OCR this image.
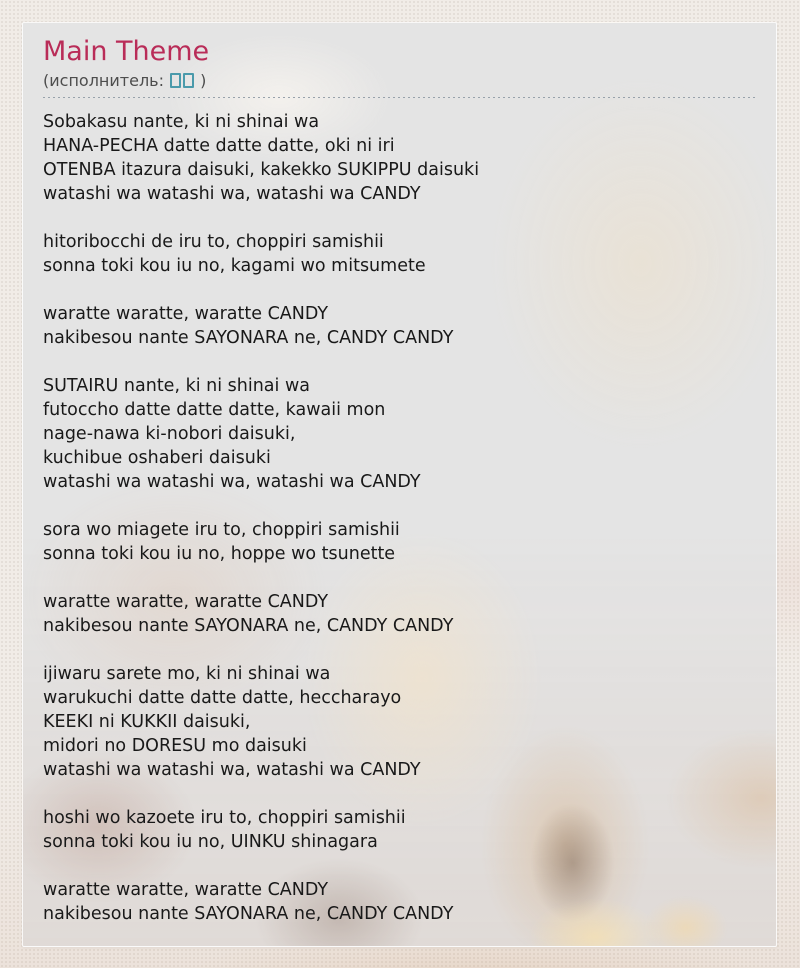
Main Theme
(исполнитель: )

Sobakasu nante, ki ni shinai wa
HANA-PECHA datte datte datte, oki ni iri
OTENBA itazura daisuki, kakekko SUKIPPU daisuki
watashi wa watashi wa, watashi wa CANDY

hitoribocchi de iru to, choppiri samishii
sonna toki kou iu no, kagami wo mitsumete

waratte waratte, waratte CANDY
nakibesou nante SAYONARA ne, CANDY CANDY

SUTAIRU nante, ki ni shinai wa
futoccho datte datte datte, kawaii mon
nage-nawa ki-nobori daisuki,
kuchibue oshaberi daisuki
watashi wa watashi wa, watashi wa CANDY

sora wo miagete iru to, choppiri samishii
sonna toki kou iu no, hoppe wo tsunette

waratte waratte, waratte CANDY
nakibesou nante SAYONARA ne, CANDY CANDY

ijiwaru sarete mo, ki ni shinai wa
warukuchi datte datte datte, heccharayo
KEEKI ni KUKKII daisuki,
midori no DORESU mo daisuki
watashi wa watashi wa, watashi wa CANDY

hoshi wo kazoete iru to, choppiri samishii
sonna toki kou iu no, UINKU shinagara

waratte waratte, waratte CANDY
nakibesou nante SAYONARA ne, CANDY CANDY
